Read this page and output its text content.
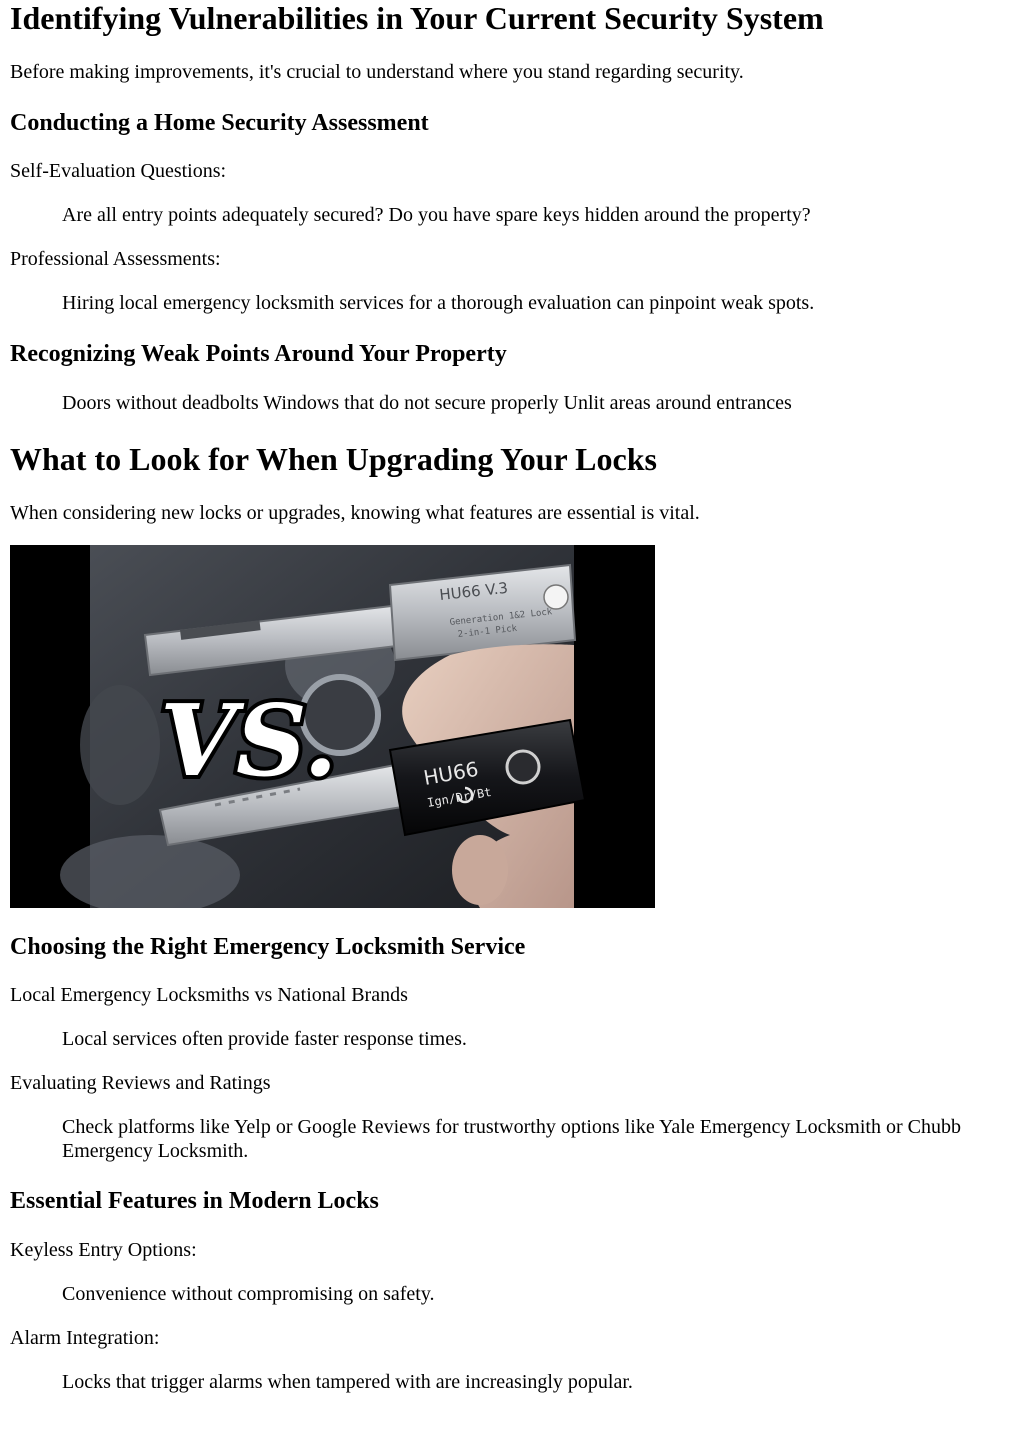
Identifying Vulnerabilities in Your Current Security System

Before making improvements, it's crucial to understand where you stand regarding security.

Conducting a Home Security Assessment
Self-Evaluation Questions:
Are all entry points adequately secured? Do you have spare keys hidden around the property?
Professional Assessments:
Hiring local emergency locksmith services for a thorough evaluation can pinpoint weak spots.
Recognizing Weak Points Around Your Property

Doors without deadbolts Windows that do not secure properly Unlit areas around entrances

What to Look for When Upgrading Your Locks

When considering new locks or upgrades, knowing what features are essential is vital.

HU66 V.3
Generation 1&2 Lock
2-in-1 Pick
HU66
Ign/Dr/Bt
VS.
Choosing the Right Emergency Locksmith Service
Local Emergency Locksmiths vs National Brands
Local services often provide faster response times.
Evaluating Reviews and Ratings
Check platforms like Yelp or Google Reviews for trustworthy options like Yale Emergency Locksmith or Chubb Emergency Locksmith.
Essential Features in Modern Locks
Keyless Entry Options:
Convenience without compromising on safety.
Alarm Integration:
Locks that trigger alarms when tampered with are increasingly popular.
